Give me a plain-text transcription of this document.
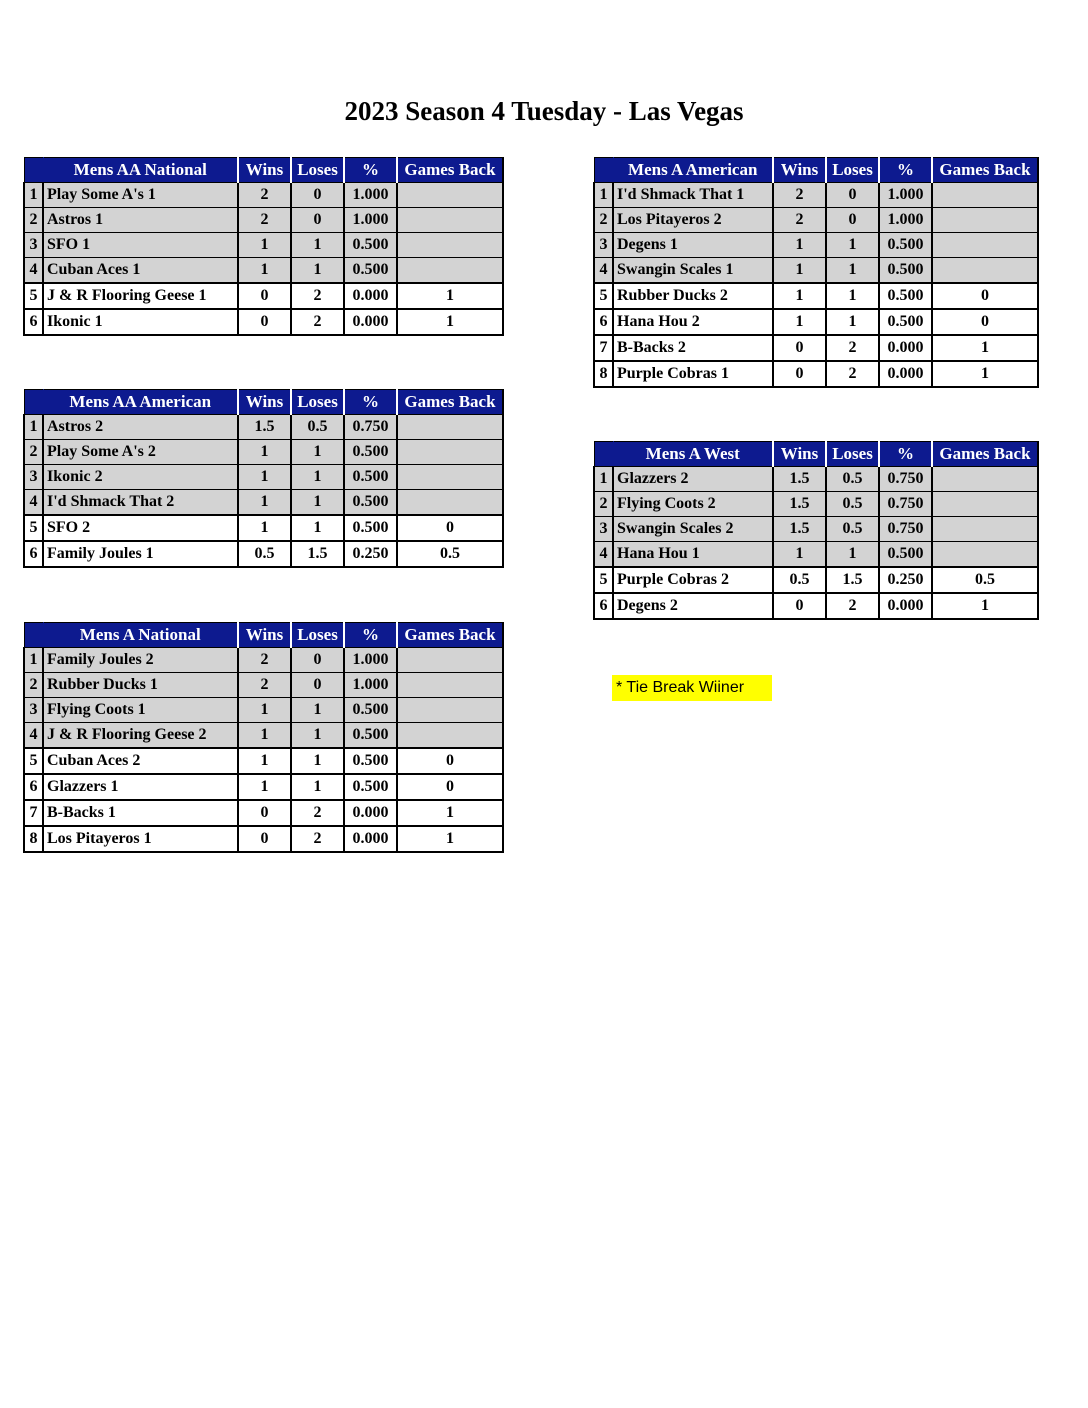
2023 Season 4 Tuesday - Las Vegas
	Mens AA National	Wins	Loses	%	Games Back
1	Play Some A's 1	2	0	1.000	
2	Astros 1	2	0	1.000	
3	SFO 1	1	1	0.500	
4	Cuban Aces 1	1	1	0.500	
5	J & R Flooring Geese 1	0	2	0.000	1
6	Ikonic 1	0	2	0.000	1
	Mens AA American	Wins	Loses	%	Games Back
1	Astros 2	1.5	0.5	0.750	
2	Play Some A's 2	1	1	0.500	
3	Ikonic 2	1	1	0.500	
4	I'd Shmack That 2	1	1	0.500	
5	SFO 2	1	1	0.500	0
6	Family Joules 1	0.5	1.5	0.250	0.5
	Mens A National	Wins	Loses	%	Games Back
1	Family Joules 2	2	0	1.000	
2	Rubber Ducks 1	2	0	1.000	
3	Flying Coots 1	1	1	0.500	
4	J & R Flooring Geese 2	1	1	0.500	
5	Cuban Aces 2	1	1	0.500	0
6	Glazzers 1	1	1	0.500	0
7	B-Backs 1	0	2	0.000	1
8	Los Pitayeros 1	0	2	0.000	1
	Mens A American	Wins	Loses	%	Games Back
1	I'd Shmack That 1	2	0	1.000	
2	Los Pitayeros 2	2	0	1.000	
3	Degens 1	1	1	0.500	
4	Swangin Scales 1	1	1	0.500	
5	Rubber Ducks 2	1	1	0.500	0
6	Hana Hou 2	1	1	0.500	0
7	B-Backs 2	0	2	0.000	1
8	Purple Cobras 1	0	2	0.000	1
	Mens A West	Wins	Loses	%	Games Back
1	Glazzers 2	1.5	0.5	0.750	
2	Flying Coots 2	1.5	0.5	0.750	
3	Swangin Scales 2	1.5	0.5	0.750	
4	Hana Hou 1	1	1	0.500	
5	Purple Cobras 2	0.5	1.5	0.250	0.5
6	Degens 2	0	2	0.000	1
* Tie Break Wiiner
